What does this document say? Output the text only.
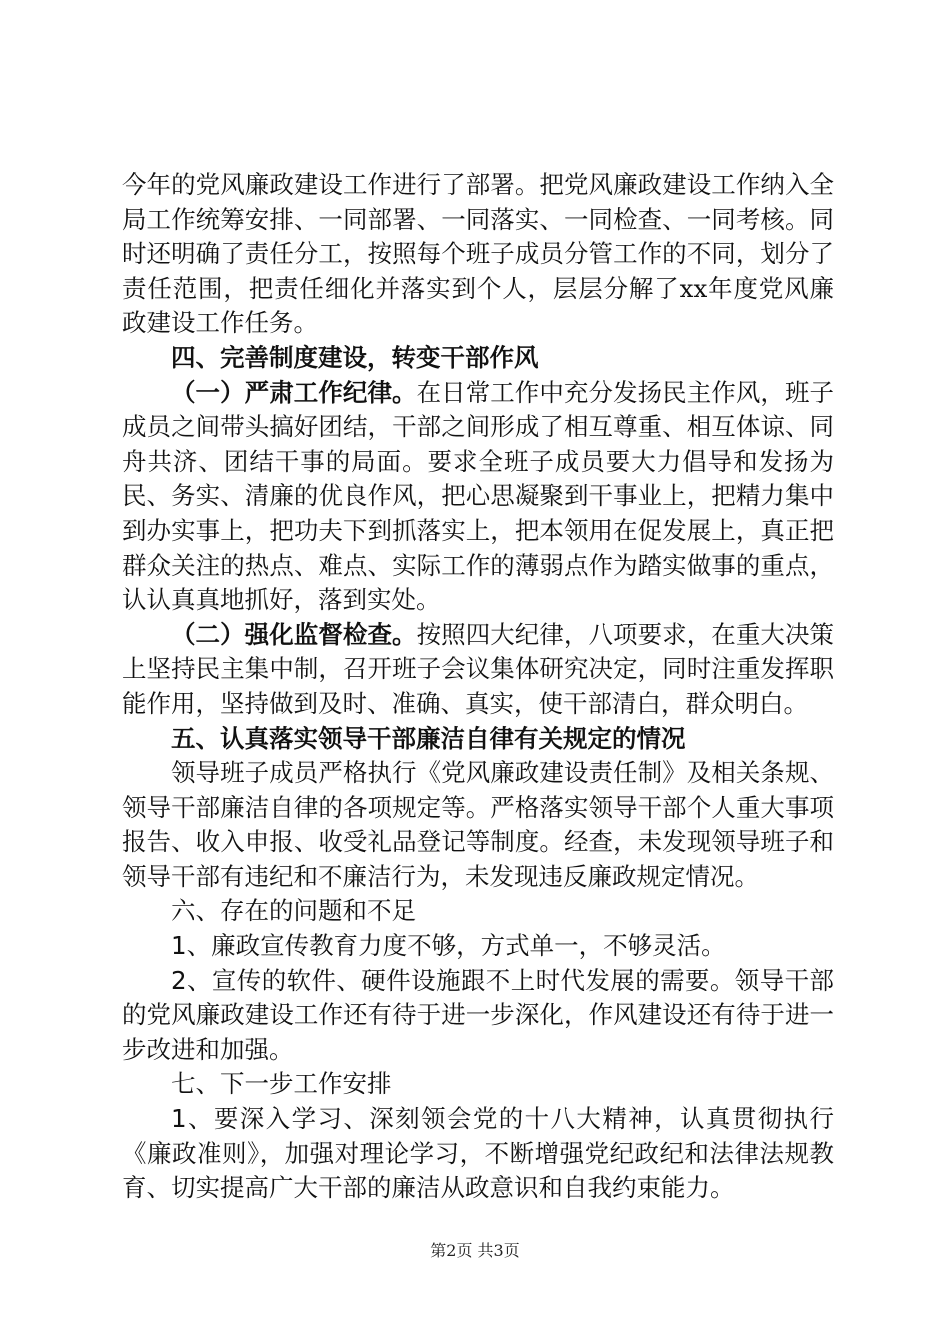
今年的党风廉政建设工作进行了部署。把党风廉政建设工作纳入全局工作统筹安排、一同部署、一同落实、一同检查、一同考核。同时还明确了责任分工，按照每个班子成员分管工作的不同，划分了责任范围，把责任细化并落实到个人，层层分解了xx年度党风廉政建设工作任务。

四、完善制度建设，转变干部作风

（一）严肃工作纪律。在日常工作中充分发扬民主作风，班子成员之间带头搞好团结，干部之间形成了相互尊重、相互体谅、同舟共济、团结干事的局面。要求全班子成员要大力倡导和发扬为民、务实、清廉的优良作风，把心思凝聚到干事业上，把精力集中到办实事上，把功夫下到抓落实上，把本领用在促发展上，真正把群众关注的热点、难点、实际工作的薄弱点作为踏实做事的重点，认认真真地抓好，落到实处。

（二）强化监督检查。按照四大纪律，八项要求，在重大决策上坚持民主集中制，召开班子会议集体研究决定，同时注重发挥职能作用，坚持做到及时、准确、真实，使干部清白，群众明白。

五、认真落实领导干部廉洁自律有关规定的情况

领导班子成员严格执行《党风廉政建设责任制》及相关条规、领导干部廉洁自律的各项规定等。严格落实领导干部个人重大事项报告、收入申报、收受礼品登记等制度。经查，未发现领导班子和领导干部有违纪和不廉洁行为，未发现违反廉政规定情况。

六、存在的问题和不足

1、廉政宣传教育力度不够，方式单一，不够灵活。

2、宣传的软件、硬件设施跟不上时代发展的需要。领导干部的党风廉政建设工作还有待于进一步深化，作风建设还有待于进一步改进和加强。

七、下一步工作安排

1、要深入学习、深刻领会党的十八大精神，认真贯彻执行《廉政准则》，加强对理论学习，不断增强党纪政纪和法律法规教育、切实提高广大干部的廉洁从政意识和自我约束能力。

第2页 共3页
